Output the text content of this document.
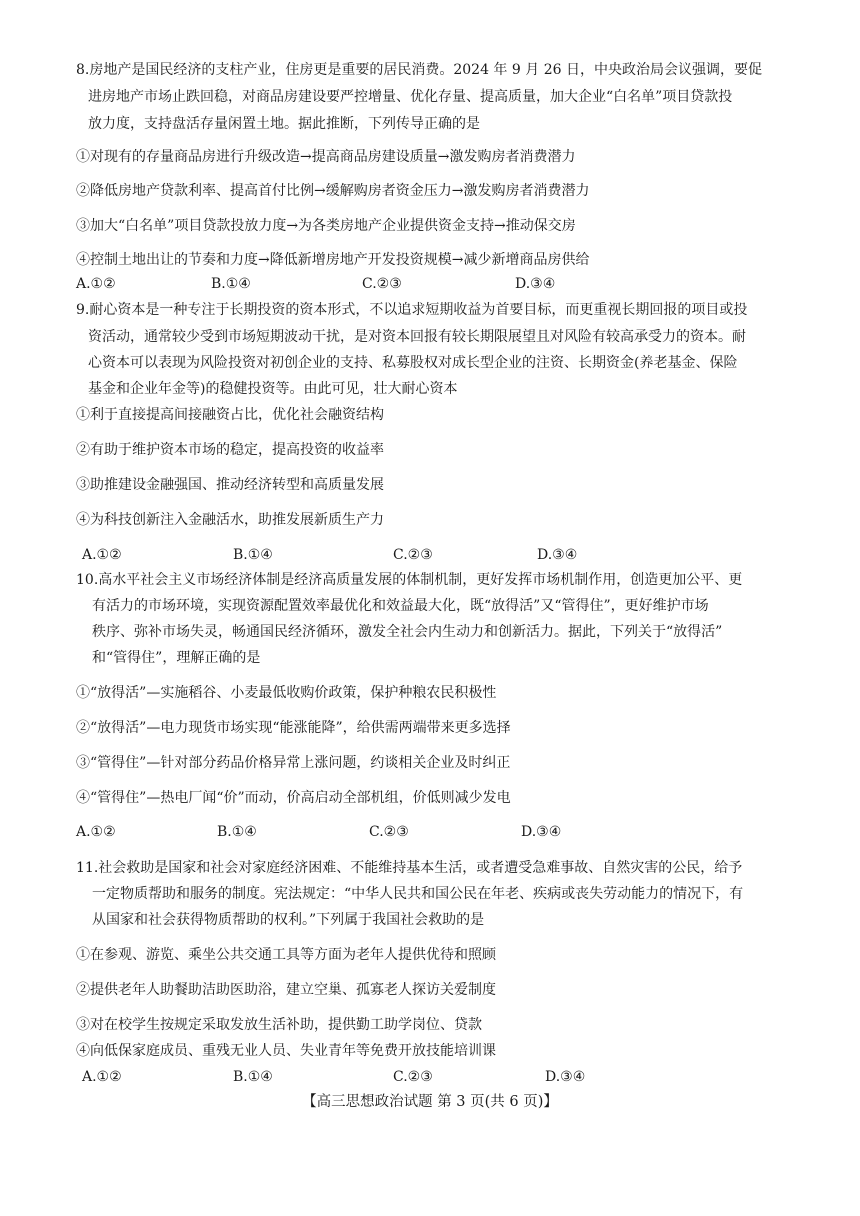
8.房地产是国民经济的支柱产业，住房更是重要的居民消费。2024 年 9 月 26 日，中央政治局会议强调，要促
进房地产市场止跌回稳，对商品房建设要严控增量、优化存量、提高质量，加大企业“白名单”项目贷款投
放力度，支持盘活存量闲置土地。据此推断，下列传导正确的是
①对现有的存量商品房进行升级改造→提高商品房建设质量→激发购房者消费潜力
②降低房地产贷款利率、提高首付比例→缓解购房者资金压力→激发购房者消费潜力
③加大“白名单”项目贷款投放力度→为各类房地产企业提供资金支持→推动保交房
④控制土地出让的节奏和力度→降低新增房地产开发投资规模→减少新增商品房供给
A.①②	B.①④	C.②③	D.③④
9.耐心资本是一种专注于长期投资的资本形式，不以追求短期收益为首要目标，而更重视长期回报的项目或投
资活动，通常较少受到市场短期波动干扰，是对资本回报有较长期限展望且对风险有较高承受力的资本。耐
心资本可以表现为风险投资对初创企业的支持、私募股权对成长型企业的注资、长期资金(养老基金、保险
基金和企业年金等)的稳健投资等。由此可见，壮大耐心资本
①利于直接提高间接融资占比，优化社会融资结构
②有助于维护资本市场的稳定，提高投资的收益率
③助推建设金融强国、推动经济转型和高质量发展
④为科技创新注入金融活水，助推发展新质生产力
A.①②	B.①④	C.②③	D.③④
10.高水平社会主义市场经济体制是经济高质量发展的体制机制，更好发挥市场机制作用，创造更加公平、更
有活力的市场环境，实现资源配置效率最优化和效益最大化，既“放得活”又“管得住”，更好维护市场
秩序、弥补市场失灵，畅通国民经济循环，激发全社会内生动力和创新活力。据此，下列关于“放得活”
和“管得住”，理解正确的是
①“放得活”—实施稻谷、小麦最低收购价政策，保护种粮农民积极性
②“放得活”—电力现货市场实现“能涨能降”，给供需两端带来更多选择
③“管得住”—针对部分药品价格异常上涨问题，约谈相关企业及时纠正
④“管得住”—热电厂闻“价”而动，价高启动全部机组，价低则减少发电
A.①②	B.①④	C.②③	D.③④
11.社会救助是国家和社会对家庭经济困难、不能维持基本生活，或者遭受急难事故、自然灾害的公民，给予
一定物质帮助和服务的制度。宪法规定：“中华人民共和国公民在年老、疾病或丧失劳动能力的情况下，有
从国家和社会获得物质帮助的权利。”下列属于我国社会救助的是
①在参观、游览、乘坐公共交通工具等方面为老年人提供优待和照顾
②提供老年人助餐助洁助医助浴，建立空巢、孤寡老人探访关爱制度
③对在校学生按规定采取发放生活补助，提供勤工助学岗位、贷款
④向低保家庭成员、重残无业人员、失业青年等免费开放技能培训课
A.①②	B.①④	C.②③	D.③④
【高三思想政治试题 第 3 页(共 6 页)】
